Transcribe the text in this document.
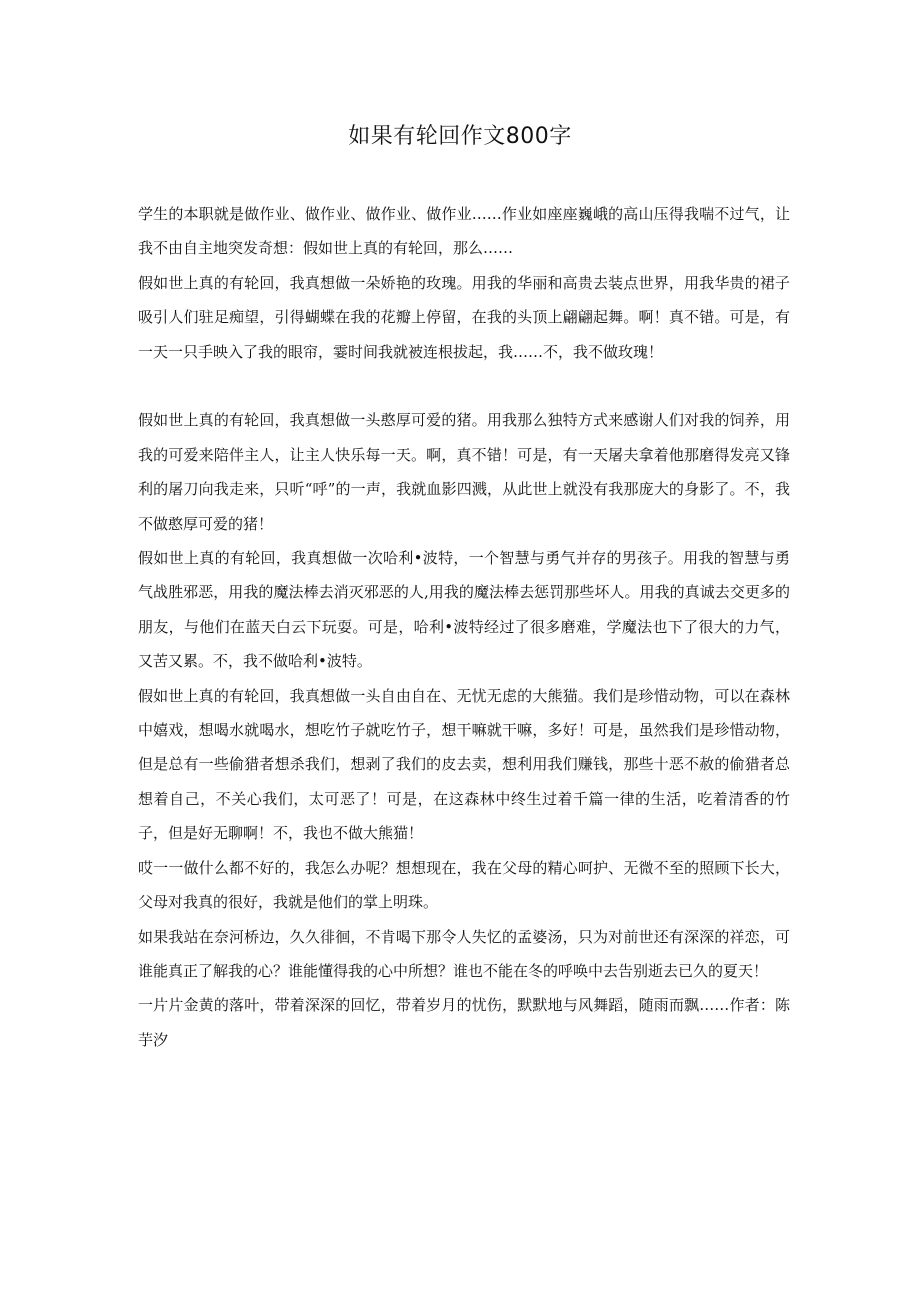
如果有轮回作文800字

学生的本职就是做作业、做作业、做作业、做作业……作业如座座巍峨的高山压得我喘不过气，让我不由自主地突发奇想：假如世上真的有轮回，那么……

假如世上真的有轮回，我真想做一朵娇艳的玫瑰。用我的华丽和高贵去装点世界，用我华贵的裙子吸引人们驻足痴望，引得蝴蝶在我的花瓣上停留，在我的头顶上翩翩起舞。啊！真不错。可是，有一天一只手映入了我的眼帘，霎时间我就被连根拔起，我……不，我不做玫瑰！

假如世上真的有轮回，我真想做一头憨厚可爱的猪。用我那么独特方式来感谢人们对我的饲养，用我的可爱来陪伴主人，让主人快乐每一天。啊，真不错！可是，有一天屠夫拿着他那磨得发亮又锋利的屠刀向我走来，只听“呼”的一声，我就血影四溅，从此世上就没有我那庞大的身影了。不，我不做憨厚可爱的猪！

假如世上真的有轮回，我真想做一次哈利•波特，一个智慧与勇气并存的男孩子。用我的智慧与勇气战胜邪恶，用我的魔法棒去消灭邪恶的人,用我的魔法棒去惩罚那些坏人。用我的真诚去交更多的朋友，与他们在蓝天白云下玩耍。可是，哈利•波特经过了很多磨难，学魔法也下了很大的力气，又苦又累。不，我不做哈利•波特。

假如世上真的有轮回，我真想做一头自由自在、无忧无虑的大熊猫。我们是珍惜动物，可以在森林中嬉戏，想喝水就喝水，想吃竹子就吃竹子，想干嘛就干嘛，多好！可是，虽然我们是珍惜动物，但是总有一些偷猎者想杀我们，想剥了我们的皮去卖，想利用我们赚钱，那些十恶不赦的偷猎者总想着自己，不关心我们，太可恶了！可是，在这森林中终生过着千篇一律的生活，吃着清香的竹子，但是好无聊啊！不，我也不做大熊猫！

哎一一做什么都不好的，我怎么办呢？想想现在，我在父母的精心呵护、无微不至的照顾下长大，父母对我真的很好，我就是他们的掌上明珠。

如果我站在奈河桥边，久久徘徊，不肯喝下那令人失忆的孟婆汤，只为对前世还有深深的祥恋，可谁能真正了解我的心？谁能懂得我的心中所想？谁也不能在冬的呼唤中去告别逝去已久的夏天！

一片片金黄的落叶，带着深深的回忆，带着岁月的忧伤，默默地与风舞蹈，随雨而飘……作者：陈芋汐
